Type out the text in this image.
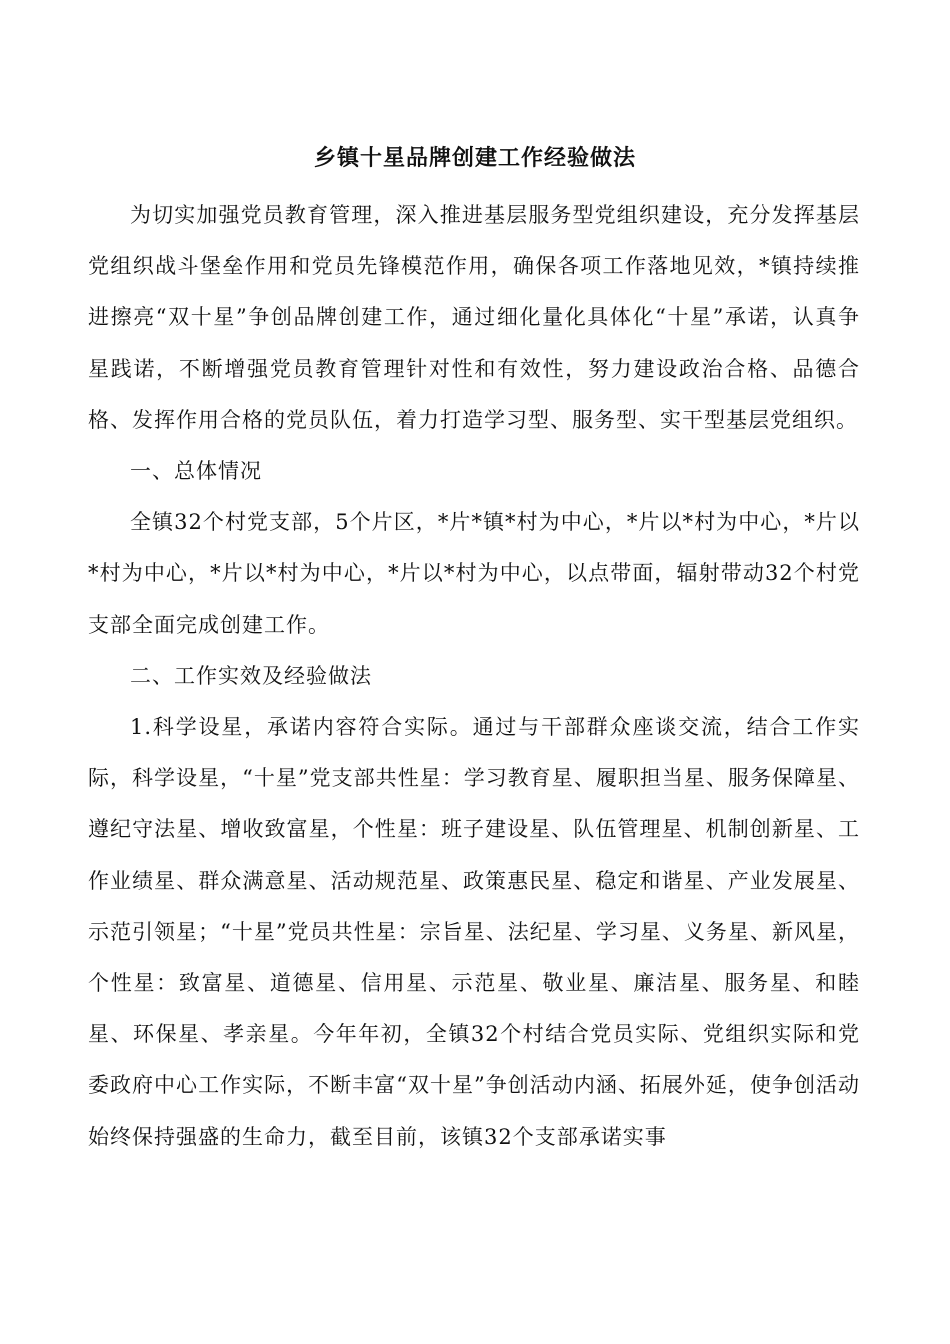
乡镇十星品牌创建工作经验做法

为切实加强党员教育管理，深入推进基层服务型党组织建设，充分发挥基层党组织战斗堡垒作用和党员先锋模范作用，确保各项工作落地见效，*镇持续推进擦亮“双十星”争创品牌创建工作，通过细化量化具体化“十星”承诺，认真争星践诺，不断增强党员教育管理针对性和有效性，努力建设政治合格、品德合格、发挥作用合格的党员队伍，着力打造学习型、服务型、实干型基层党组织。

一、总体情况

全镇32个村党支部，5个片区，*片*镇*村为中心，*片以*村为中心，*片以*村为中心，*片以*村为中心，*片以*村为中心，以点带面，辐射带动32个村党支部全面完成创建工作。

二、工作实效及经验做法

1.科学设星，承诺内容符合实际。通过与干部群众座谈交流，结合工作实际，科学设星，“十星”党支部共性星：学习教育星、履职担当星、服务保障星、遵纪守法星、增收致富星，个性星：班子建设星、队伍管理星、机制创新星、工作业绩星、群众满意星、活动规范星、政策惠民星、稳定和谐星、产业发展星、示范引领星；“十星”党员共性星：宗旨星、法纪星、学习星、义务星、新风星，个性星：致富星、道德星、信用星、示范星、敬业星、廉洁星、服务星、和睦星、环保星、孝亲星。今年年初，全镇32个村结合党员实际、党组织实际和党委政府中心工作实际，不断丰富“双十星”争创活动内涵、拓展外延，使争创活动始终保持强盛的生命力，截至目前，该镇32个支部承诺实事
